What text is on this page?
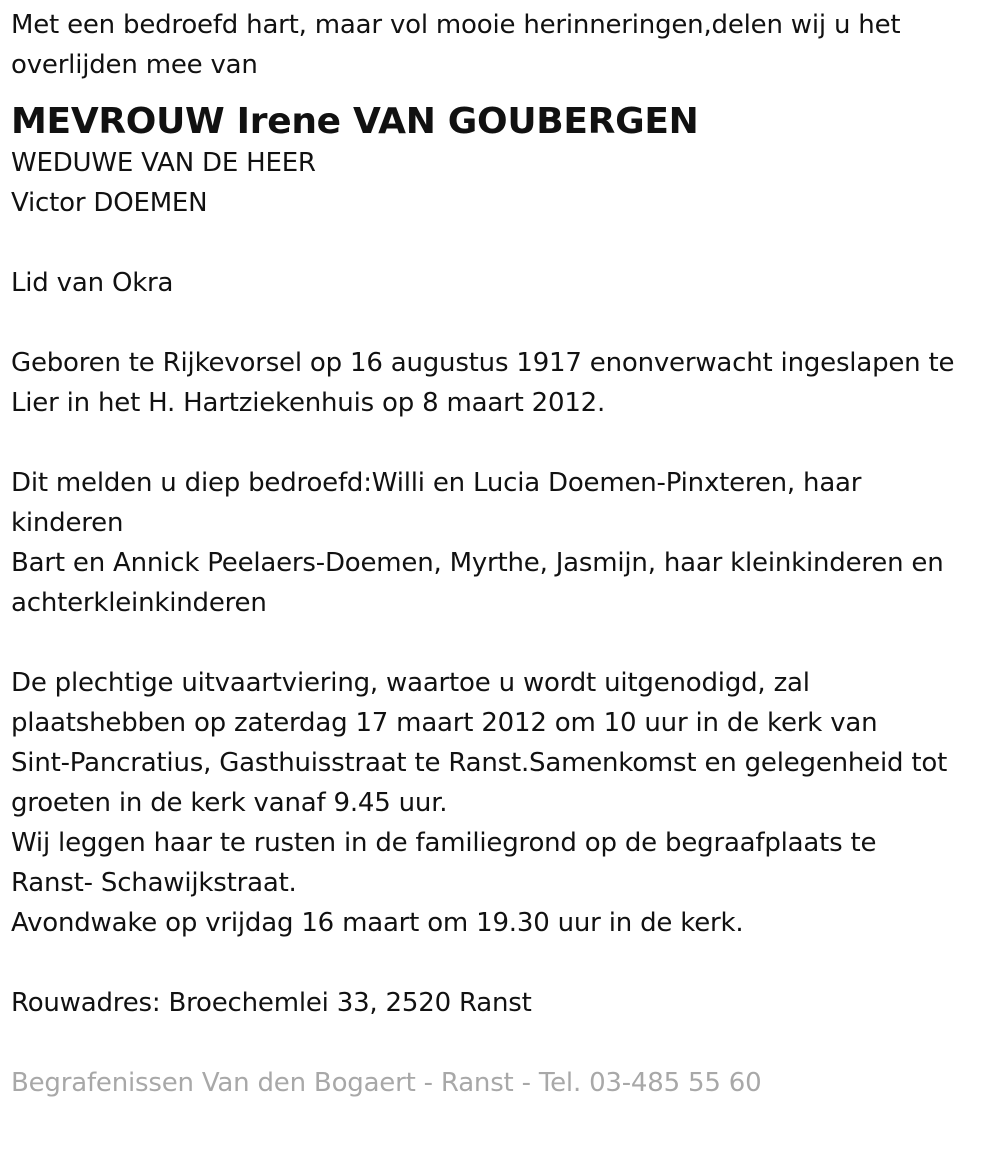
Met een bedroefd hart, maar vol mooie herinneringen,delen wij u het
overlijden mee van
MEVROUW Irene VAN GOUBERGEN
WEDUWE VAN DE HEER
Victor DOEMEN
Lid van Okra
Geboren te Rijkevorsel op 16 augustus 1917 enonverwacht ingeslapen te
Lier in het H. Hartziekenhuis op 8 maart 2012.
Dit melden u diep bedroefd:Willi en Lucia Doemen-Pinxteren, haar
kinderen
Bart en Annick Peelaers-Doemen, Myrthe, Jasmijn, haar kleinkinderen en
achterkleinkinderen
De plechtige uitvaartviering, waartoe u wordt uitgenodigd, zal
plaatshebben op zaterdag 17 maart 2012 om 10 uur in de kerk van
Sint-Pancratius, Gasthuisstraat te Ranst.Samenkomst en gelegenheid tot
groeten in de kerk vanaf 9.45 uur.
Wij leggen haar te rusten in de familiegrond op de begraafplaats te
Ranst- Schawijkstraat.
Avondwake op vrijdag 16 maart om 19.30 uur in de kerk.
Rouwadres: Broechemlei 33, 2520 Ranst
Begrafenissen Van den Bogaert - Ranst - Tel. 03-485 55 60
